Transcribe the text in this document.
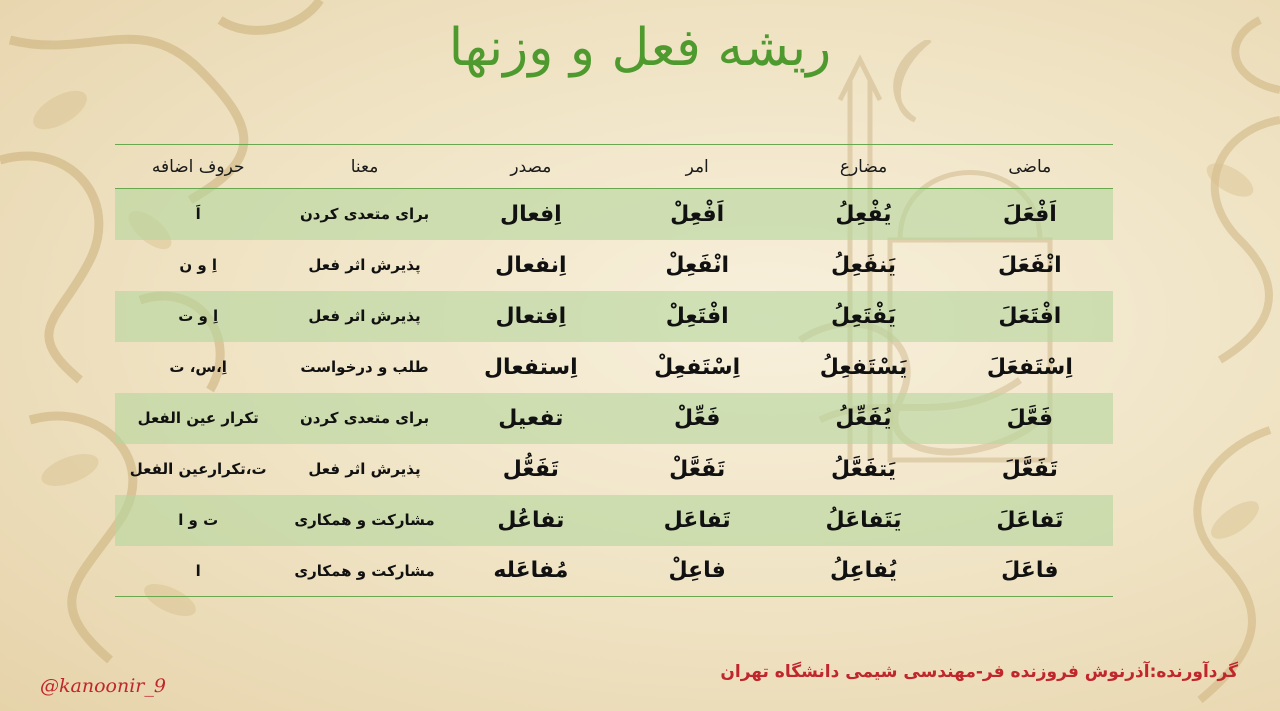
ریشه فعل و وزنها
ماضی	مضارع	امر	مصدر	معنا	حروف اضافه
اَفْعَلَ	یُفْعِلُ	اَفْعِلْ	اِفعال	برای متعدی کردن	اَ
انْفَعَلَ	یَنفَعِلُ	انْفَعِلْ	اِنفعال	پذیرش اثر فعل	اِ و ن
افْتَعَلَ	یَفْتَعِلُ	افْتَعِلْ	اِفتعال	پذیرش اثر فعل	اِ و ت
اِسْتَفعَلَ	یَسْتَفعِلُ	اِسْتَفعِلْ	اِستفعال	طلب و درخواست	اِ،س، ت
فَعَّلَ	یُفَعِّلُ	فَعِّلْ	تفعیل	برای متعدی کردن	تکرار عین الفعل
تَفَعَّلَ	یَتفَعَّلُ	تَفَعَّلْ	تَفَعُّل	پذیرش اثر فعل	ت،تکرارعین الفعل
تَفاعَلَ	یَتَفاعَلُ	تَفاعَل	تفاعُل	مشارکت و همکاری	ت و ا
فاعَلَ	یُفاعِلُ	فاعِلْ	مُفاعَله	مشارکت و همکاری	ا
گردآورنده:آذرنوش فروزنده فر-مهندسی شیمی دانشگاه تهران
@kanoonir_9
